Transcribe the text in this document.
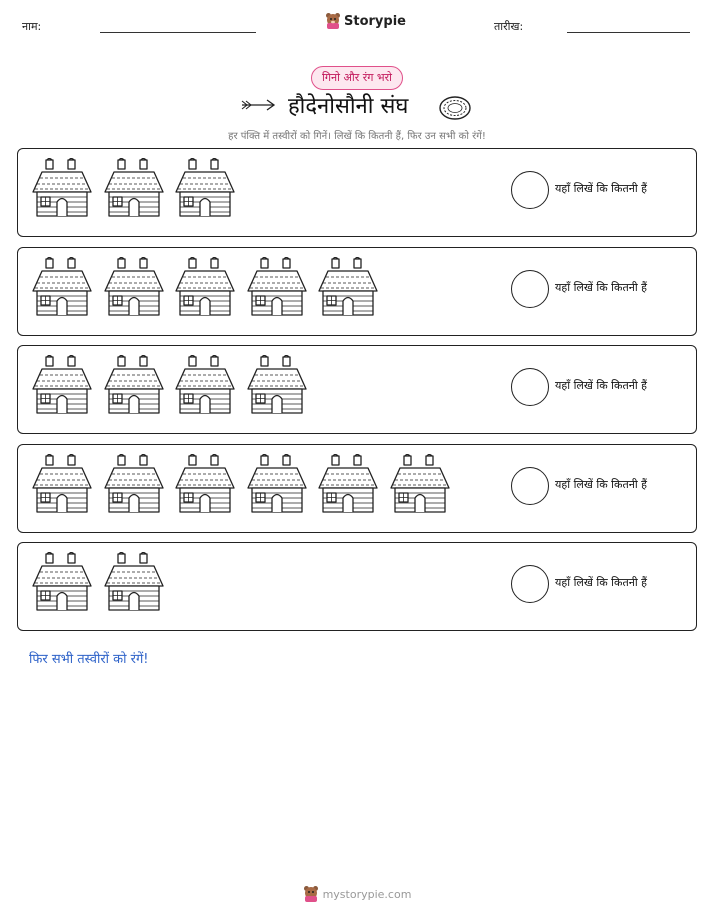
नाम:	Storypie	तारीख:
गिनो और रंग भरो
हौदेनोसौनी संघ
हर पंक्ति में तस्वीरों को गिनें। लिखें कि कितनी हैं, फिर उन सभी को रंगें!
यहाँ लिखें कि कितनी हैं
यहाँ लिखें कि कितनी हैं
यहाँ लिखें कि कितनी हैं
यहाँ लिखें कि कितनी हैं
यहाँ लिखें कि कितनी हैं
फिर सभी तस्वीरों को रंगें!
mystorypie.com
